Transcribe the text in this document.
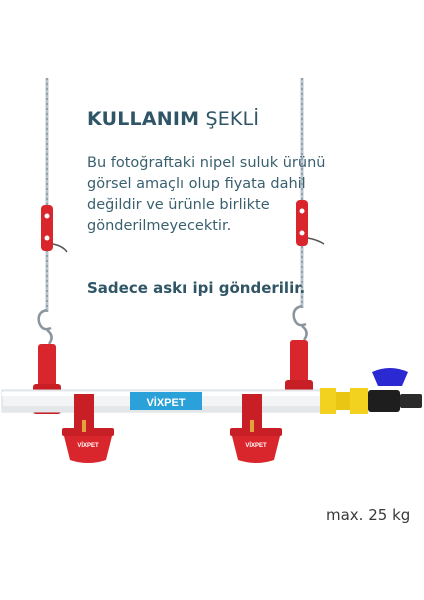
VİXPET
VİXPET	VİXPET
KULLANIM ŞEKLİ
Bu fotoğraftaki nipel suluk ürünü görsel amaçlı olup fiyata dahil değildir ve ürünle birlikte gönderilmeyecektir.
Sadece askı ipi gönderilir.
max. 25 kg
